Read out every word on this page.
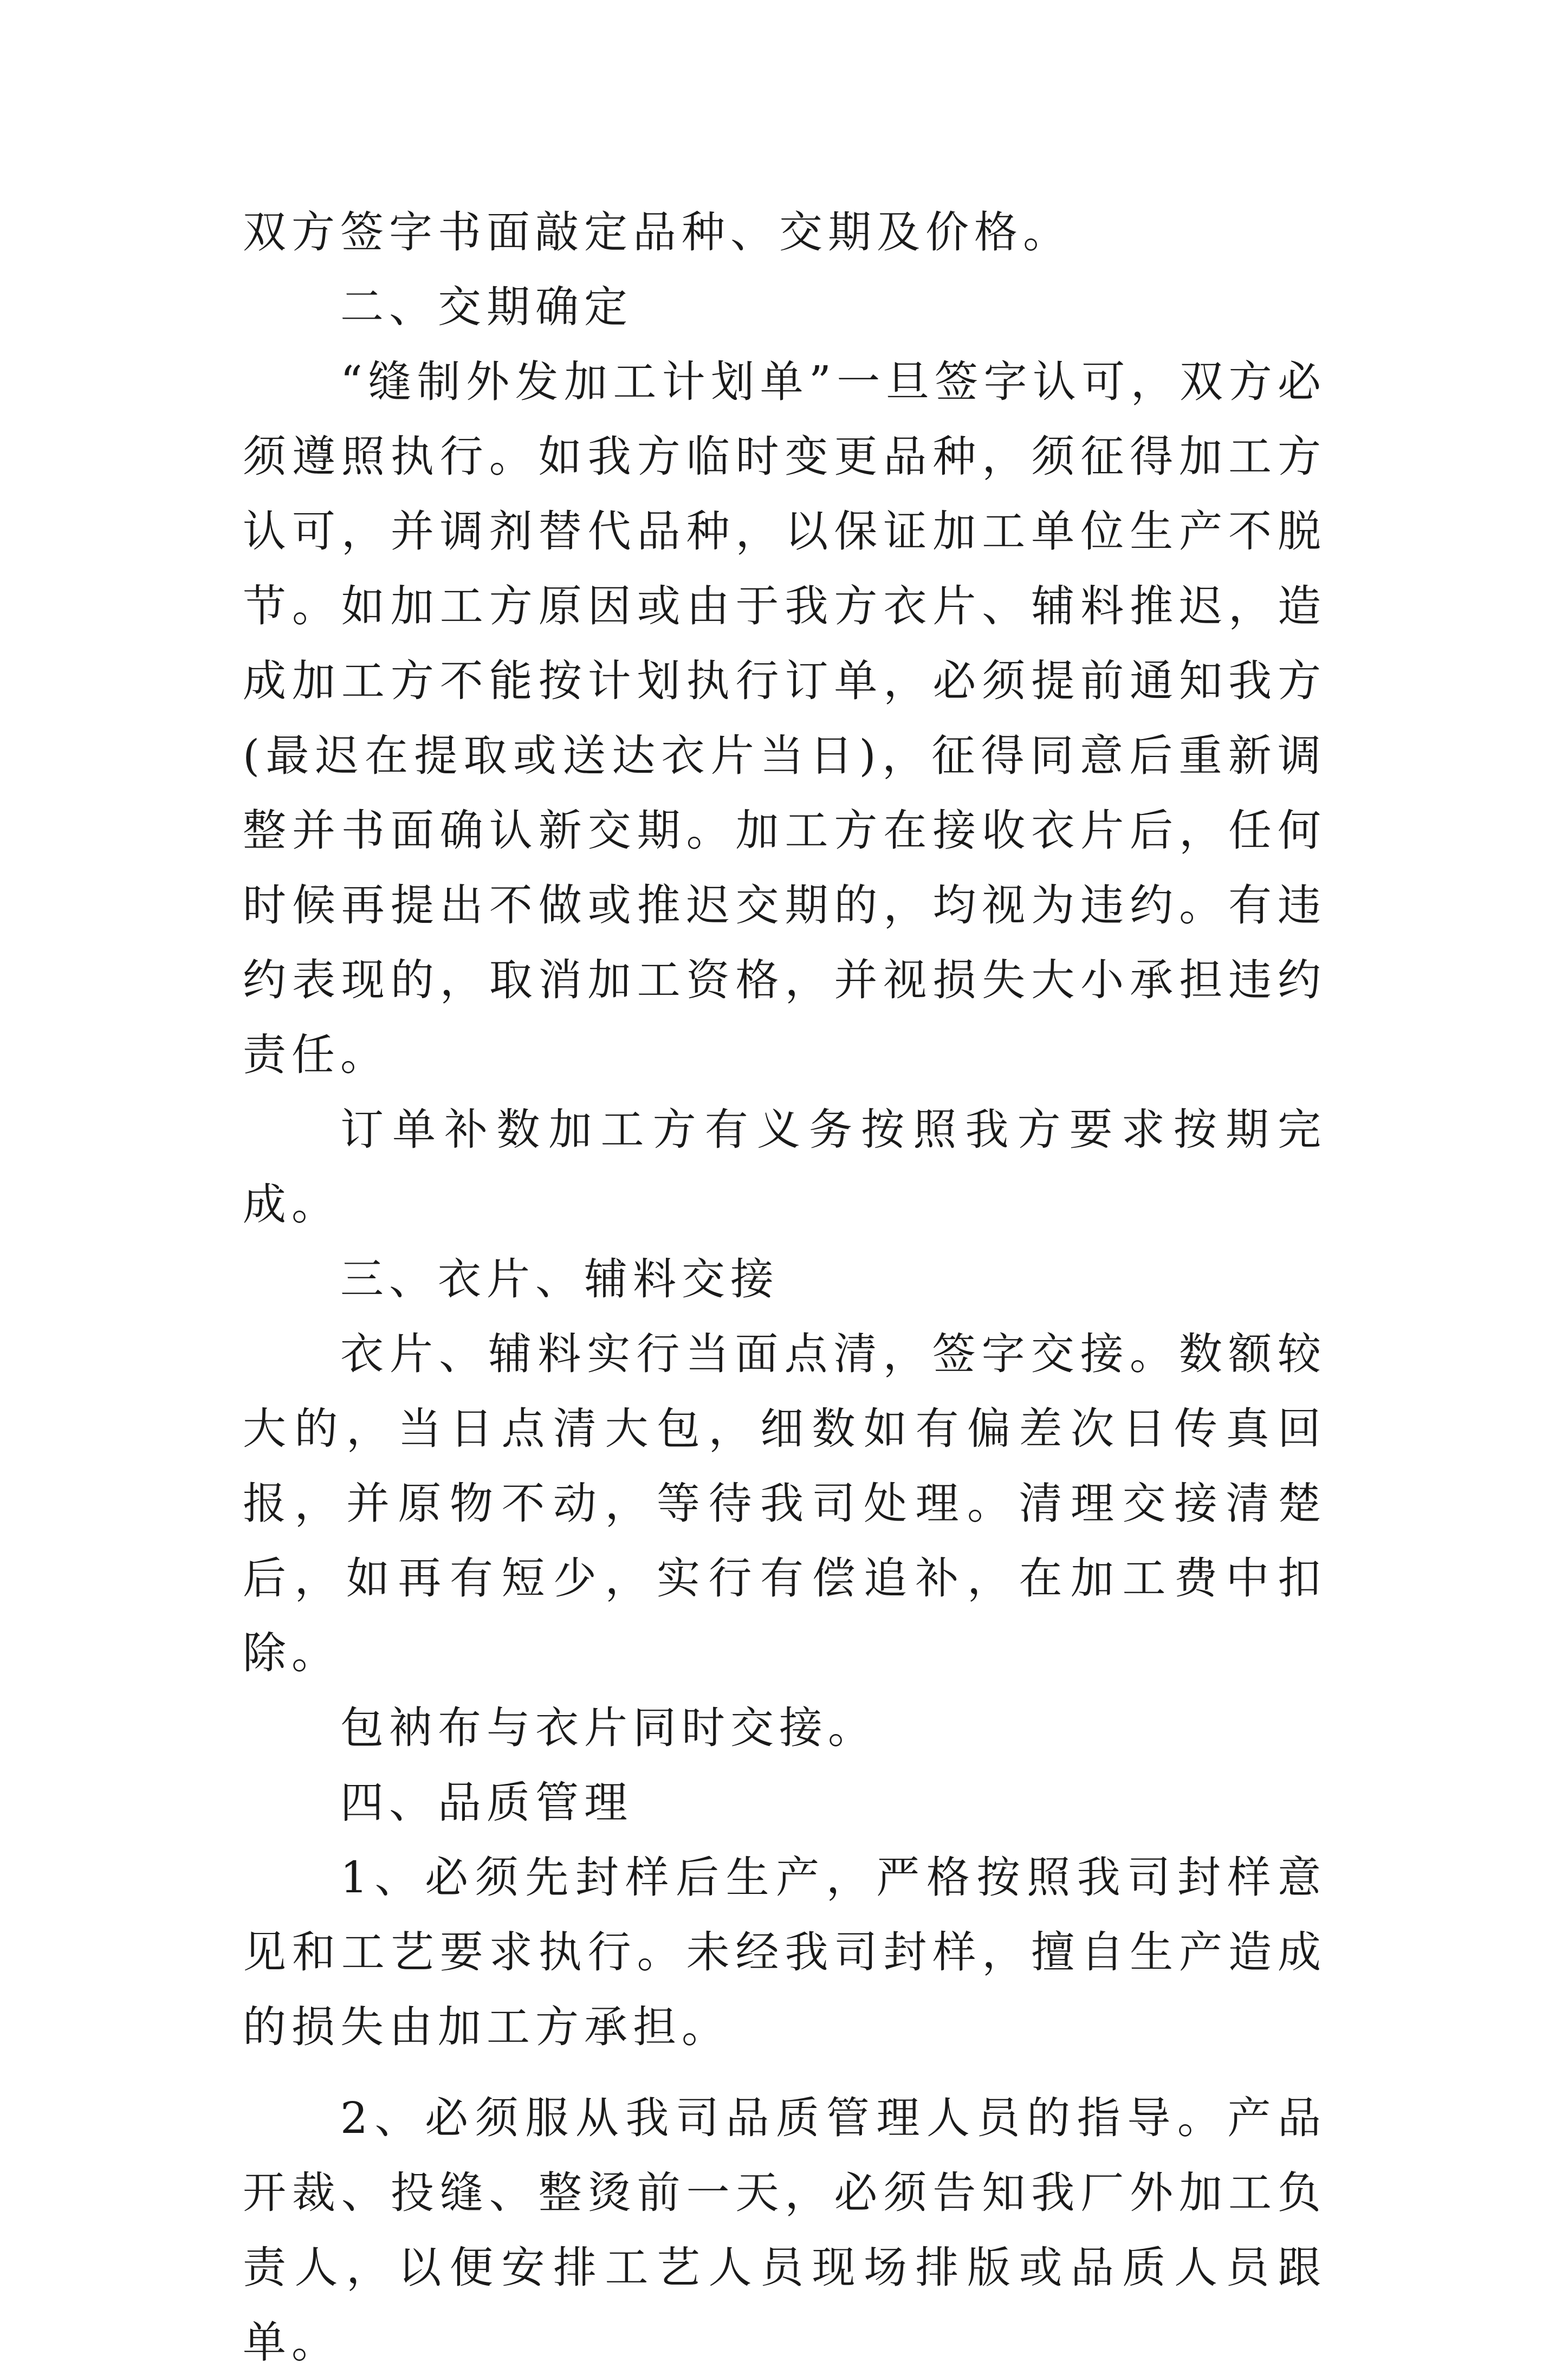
双方签字书面敲定品种、交期及价格。

二、交期确定

“缝制外发加工计划单”一旦签字认可，双方必须遵照执行。如我方临时变更品种，须征得加工方认可，并调剂替代品种，以保证加工单位生产不脱节。如加工方原因或由于我方衣片、辅料推迟，造成加工方不能按计划执行订单，必须提前通知我方(最迟在提取或送达衣片当日)，征得同意后重新调整并书面确认新交期。加工方在接收衣片后，任何时候再提出不做或推迟交期的，均视为违约。有违约表现的，取消加工资格，并视损失大小承担违约责任。

订单补数加工方有义务按照我方要求按期完成。

三、衣片、辅料交接

衣片、辅料实行当面点清，签字交接。数额较大的，当日点清大包，细数如有偏差次日传真回报，并原物不动，等待我司处理。清理交接清楚后，如再有短少，实行有偿追补，在加工费中扣除。

包衲布与衣片同时交接。

四、品质管理

1、必须先封样后生产，严格按照我司封样意见和工艺要求执行。未经我司封样，擅自生产造成的损失由加工方承担。

2、必须服从我司品质管理人员的指导。产品开裁、投缝、整烫前一天，必须告知我厂外加工负责人，以便安排工艺人员现场排版或品质人员跟单。
